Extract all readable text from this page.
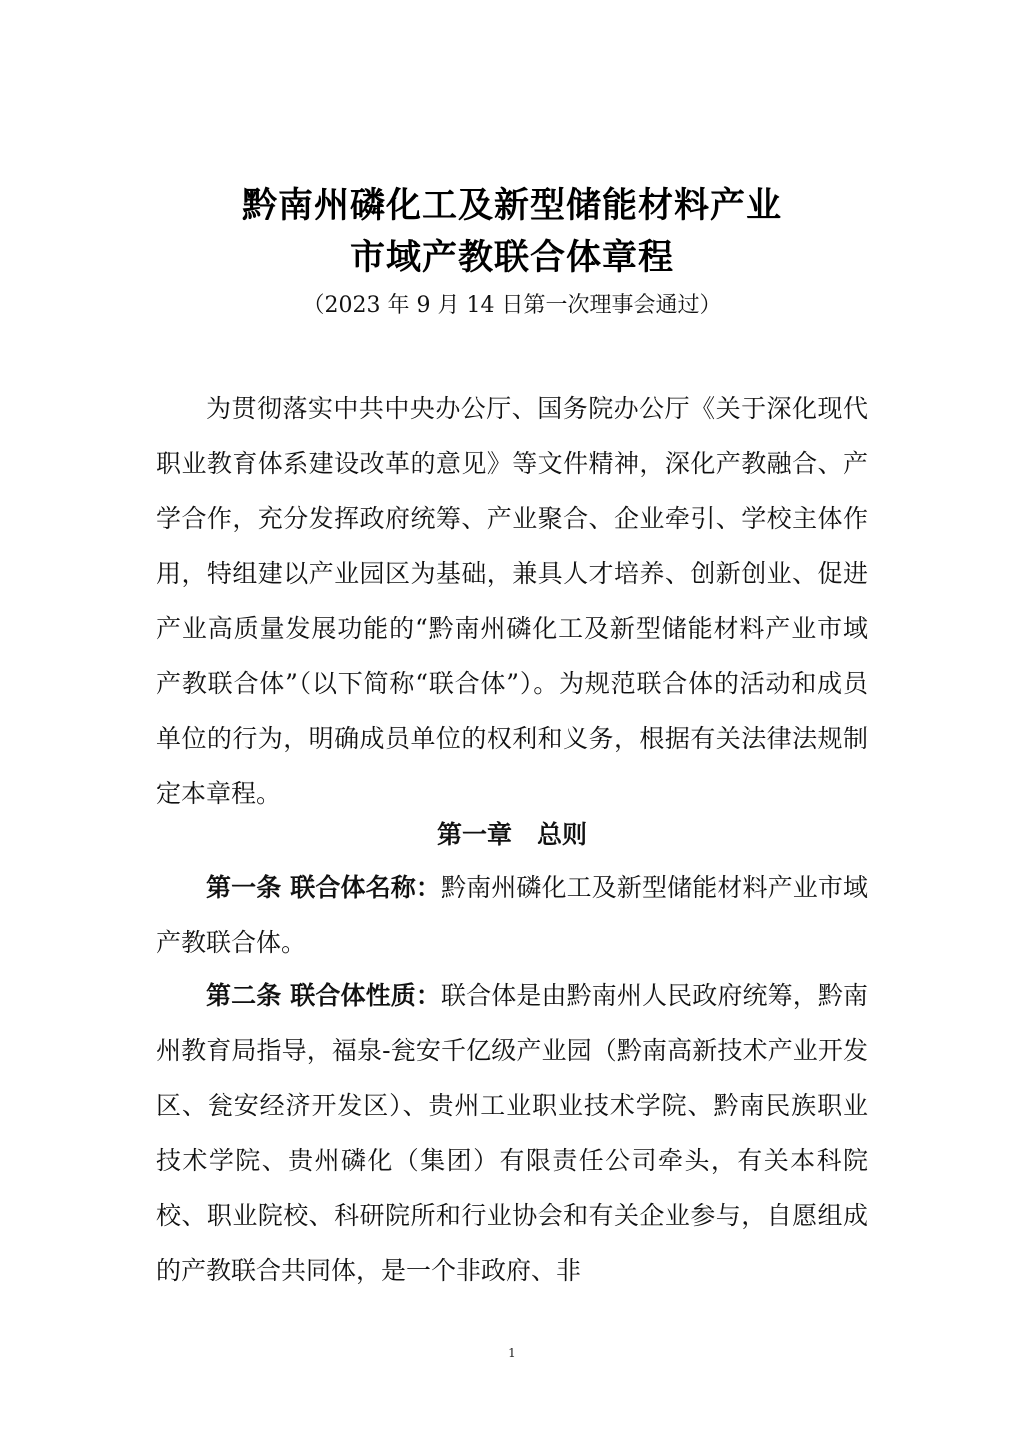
黔南州磷化工及新型储能材料产业
市域产教联合体章程
（2023 年 9 月 14 日第一次理事会通过）

为贯彻落实中共中央办公厅、国务院办公厅《关于深化现代职业教育体系建设改革的意见》等文件精神，深化产教融合、产学合作，充分发挥政府统筹、产业聚合、企业牵引、学校主体作用，特组建以产业园区为基础，兼具人才培养、创新创业、促进产业高质量发展功能的“黔南州磷化工及新型储能材料产业市域产教联合体”（以下简称“联合体”）。为规范联合体的活动和成员单位的行为，明确成员单位的权利和义务，根据有关法律法规制定本章程。

第一章　总则

第一条 联合体名称：黔南州磷化工及新型储能材料产业市域产教联合体。

第二条 联合体性质：联合体是由黔南州人民政府统筹，黔南州教育局指导，福泉-瓮安千亿级产业园（黔南高新技术产业开发区、瓮安经济开发区）、贵州工业职业技术学院、黔南民族职业技术学院、贵州磷化（集团）有限责任公司牵头，有关本科院校、职业院校、科研院所和行业协会和有关企业参与，自愿组成的产教联合共同体，是一个非政府、非

1
